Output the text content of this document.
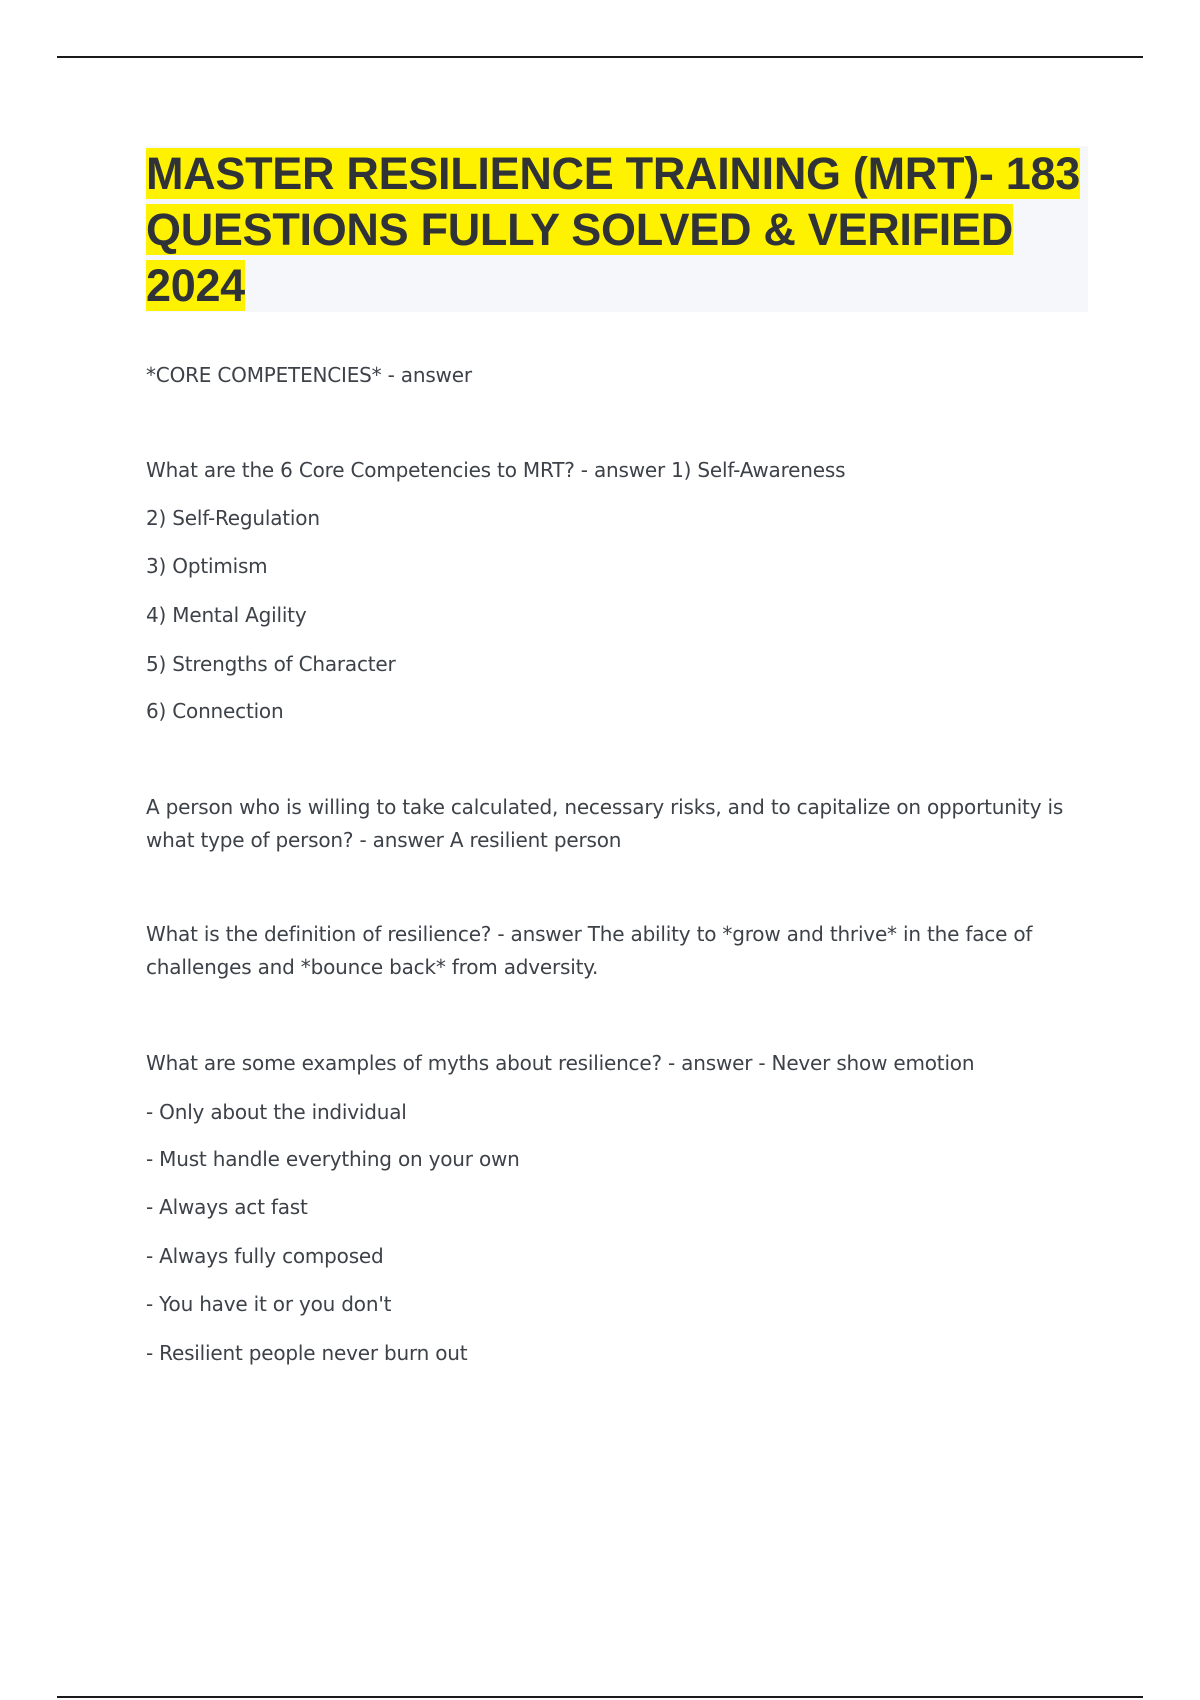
MASTER RESILIENCE TRAINING (MRT)- 183 QUESTIONS FULLY SOLVED & VERIFIED 2024

*CORE COMPETENCIES* - answer

What are the 6 Core Competencies to MRT? - answer 1) Self-Awareness

2) Self-Regulation

3) Optimism

4) Mental Agility

5) Strengths of Character

6) Connection

A person who is willing to take calculated, necessary risks, and to capitalize on opportunity is what type of person? - answer A resilient person

What is the definition of resilience? - answer The ability to *grow and thrive* in the face of challenges and *bounce back* from adversity.

What are some examples of myths about resilience? - answer - Never show emotion

- Only about the individual

- Must handle everything on your own

- Always act fast

- Always fully composed

- You have it or you don't

- Resilient people never burn out
